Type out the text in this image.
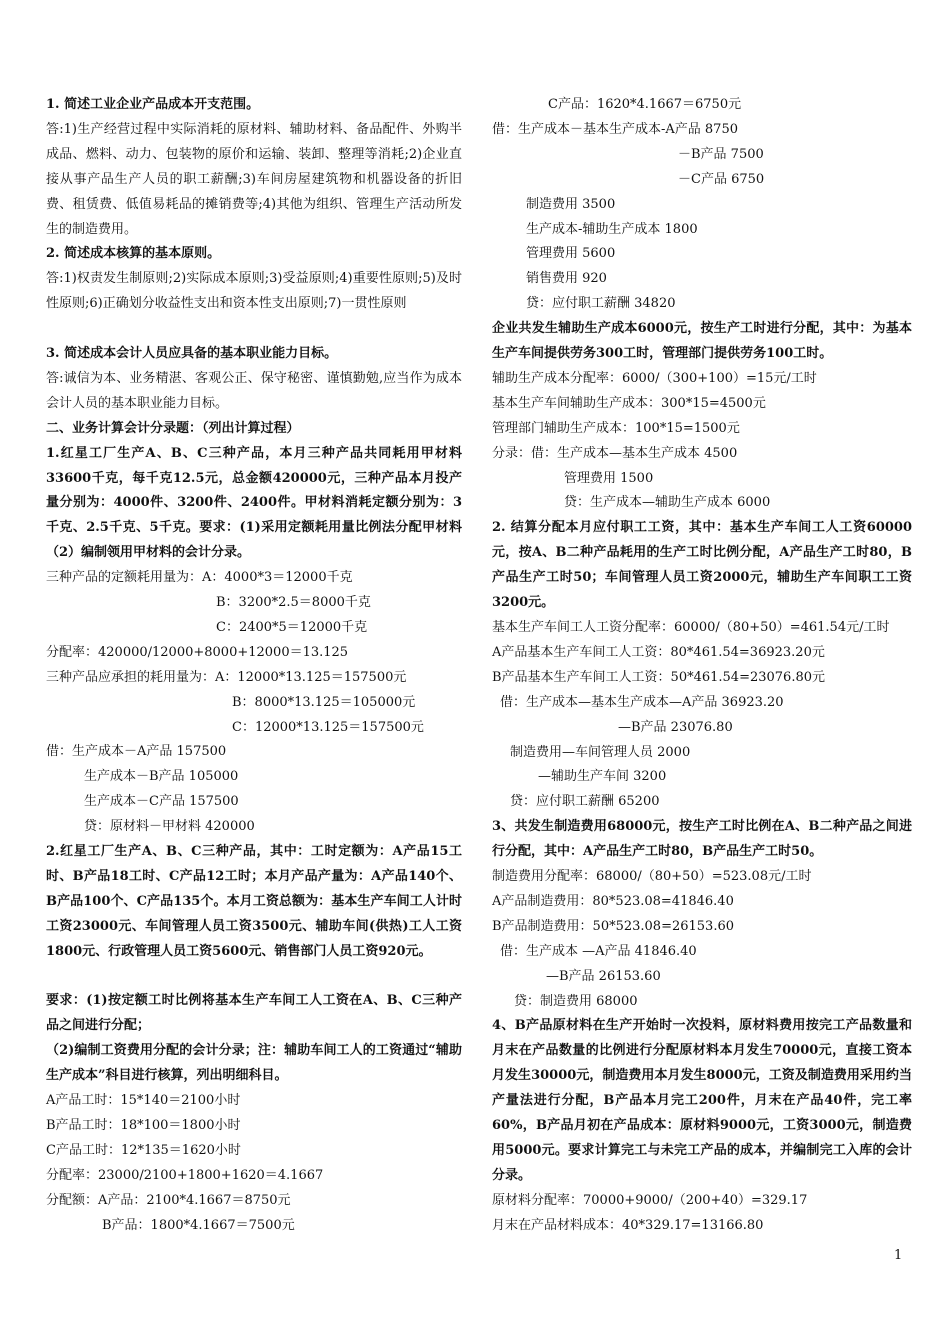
1. 简述工业企业产品成本开支范围。
答:1)生产经营过程中实际消耗的原材料、辅助材料、备品配件、外购半成品、燃料、动力、包装物的原价和运输、装卸、整理等消耗;2)企业直接从事产品生产人员的职工薪酬;3)车间房屋建筑物和机器设备的折旧费、租赁费、低值易耗品的摊销费等;4)其他为组织、管理生产活动所发生的制造费用。
2. 简述成本核算的基本原则。
答:1)权责发生制原则;2)实际成本原则;3)受益原则;4)重要性原则;5)及时性原则;6)正确划分收益性支出和资本性支出原则;7)一贯性原则
3. 简述成本会计人员应具备的基本职业能力目标。
答:诚信为本、业务精湛、客观公正、保守秘密、谨慎勤勉,应当作为成本会计人员的基本职业能力目标。
二、业务计算会计分录题：（列出计算过程）
1.红星工厂生产A、B、C三种产品，本月三种产品共同耗用甲材料33600千克，每千克12.5元，总金额420000元，三种产品本月投产量分别为：4000件、3200件、2400件。甲材料消耗定额分别为：3千克、2.5千克、5千克。要求：(1)采用定额耗用量比例法分配甲材料 （2）编制领用甲材料的会计分录。
三种产品的定额耗用量为：A：4000*3＝12000千克
B：3200*2.5＝8000千克
C：2400*5＝12000千克
分配率：420000/12000+8000+12000＝13.125
三种产品应承担的耗用量为：A：12000*13.125＝157500元
B：8000*13.125＝105000元
C：12000*13.125＝157500元
借：生产成本－A产品 157500
生产成本－B产品 105000
生产成本－C产品 157500
贷：原材料－甲材料 420000
2.红星工厂生产A、B、C三种产品，其中：工时定额为：A产品15工时、B产品18工时、C产品12工时；本月产品产量为：A产品140个、B产品100个、C产品135个。本月工资总额为：基本生产车间工人计时工资23000元、车间管理人员工资3500元、辅助车间(供热)工人工资1800元、行政管理人员工资5600元、销售部门人员工资920元。
要求：(1)按定额工时比例将基本生产车间工人工资在A、B、C三种产品之间进行分配；
（2)编制工资费用分配的会计分录；注：辅助车间工人的工资通过“辅助生产成本”科目进行核算，列出明细科目。
A产品工时：15*140＝2100小时
B产品工时：18*100＝1800小时
C产品工时：12*135＝1620小时
分配率：23000/2100+1800+1620＝4.1667
分配额：A产品：2100*4.1667＝8750元
B产品：1800*4.1667＝7500元
C产品：1620*4.1667＝6750元
借：生产成本－基本生产成本-A产品 8750
－B产品 7500
－C产品 6750
制造费用 3500
生产成本-辅助生产成本 1800
管理费用 5600
销售费用 920
贷：应付职工薪酬 34820
企业共发生辅助生产成本6000元，按生产工时进行分配，其中：为基本生产车间提供劳务300工时，管理部门提供劳务100工时。
辅助生产成本分配率：6000/（300+100）=15元/工时
基本生产车间辅助生产成本：300*15=4500元
管理部门辅助生产成本：100*15=1500元
分录：借：生产成本—基本生产成本 4500
管理费用 1500
贷：生产成本—辅助生产成本 6000
2. 结算分配本月应付职工工资，其中：基本生产车间工人工资60000元，按A、B二种产品耗用的生产工时比例分配，A产品生产工时80，B产品生产工时50；车间管理人员工资2000元，辅助生产车间职工工资3200元。
基本生产车间工人工资分配率：60000/（80+50）=461.54元/工时
A产品基本生产车间工人工资：80*461.54=36923.20元
B产品基本生产车间工人工资：50*461.54=23076.80元
借：生产成本—基本生产成本—A产品 36923.20
—B产品 23076.80
制造费用—车间管理人员 2000
—辅助生产车间 3200
贷：应付职工薪酬 65200
3、共发生制造费用68000元，按生产工时比例在A、B二种产品之间进行分配，其中：A产品生产工时80，B产品生产工时50。
制造费用分配率：68000/（80+50）=523.08元/工时
A产品制造费用：80*523.08=41846.40
B产品制造费用：50*523.08=26153.60
借：生产成本 —A产品 41846.40
—B产品 26153.60
贷：制造费用 68000
4、B产品原材料在生产开始时一次投料，原材料费用按完工产品数量和月末在产品数量的比例进行分配原材料本月发生70000元，直接工资本月发生30000元，制造费用本月发生8000元，工资及制造费用采用约当产量法进行分配，B产品本月完工200件，月末在产品40件，完工率60%，B产品月初在产品成本：原材料9000元，工资3000元，制造费用5000元。要求计算完工与未完工产品的成本，并编制完工入库的会计分录。
原材料分配率：70000+9000/（200+40）=329.17
月末在产品材料成本：40*329.17=13166.80
1
